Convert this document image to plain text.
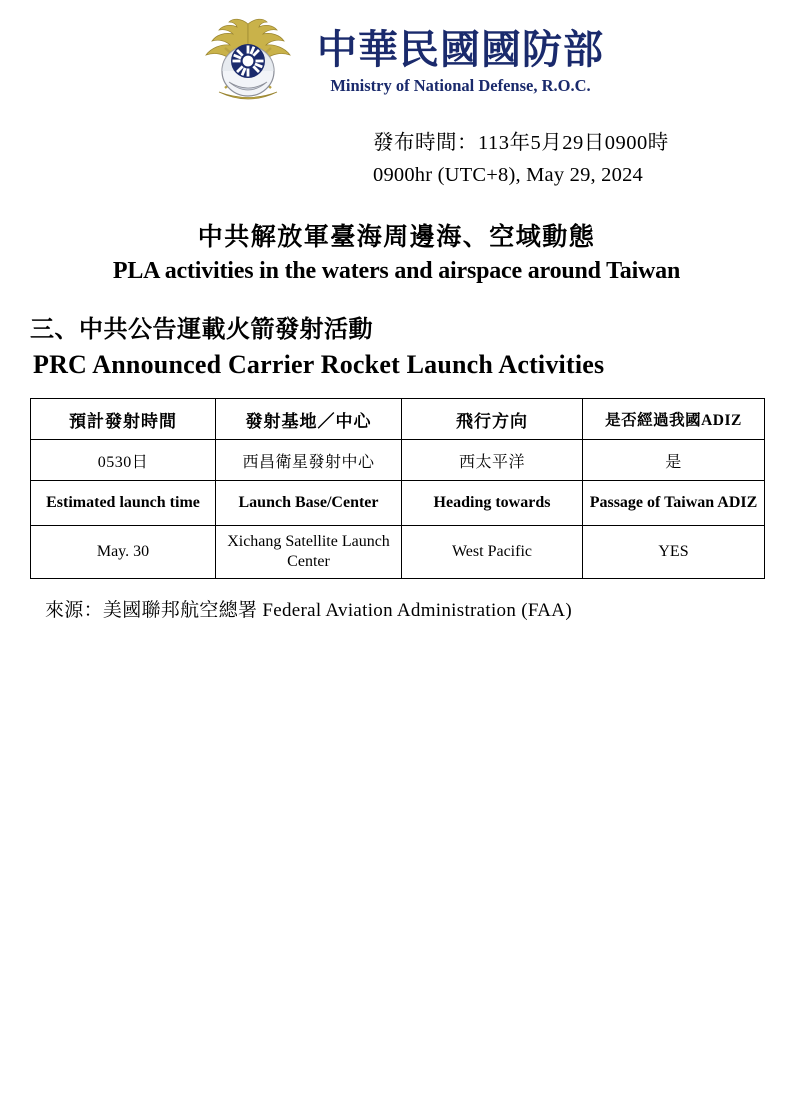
中華民國國防部
Ministry of National Defense, R.O.C.
發布時間：113年5月29日0900時
0900hr (UTC+8), May 29, 2024
中共解放軍臺海周邊海、空域動態
PLA activities in the waters and airspace around Taiwan
三、中共公告運載火箭發射活動
PRC Announced Carrier Rocket Launch Activities
預計發射時間	發射基地／中心	飛行方向	是否經過我國ADIZ
0530日	西昌衛星發射中心	西太平洋	是
Estimated launch time	Launch Base/Center	Heading towards	Passage of Taiwan ADIZ
May. 30	Xichang Satellite Launch Center	West Pacific	YES
來源：美國聯邦航空總署 Federal Aviation Administration (FAA)
